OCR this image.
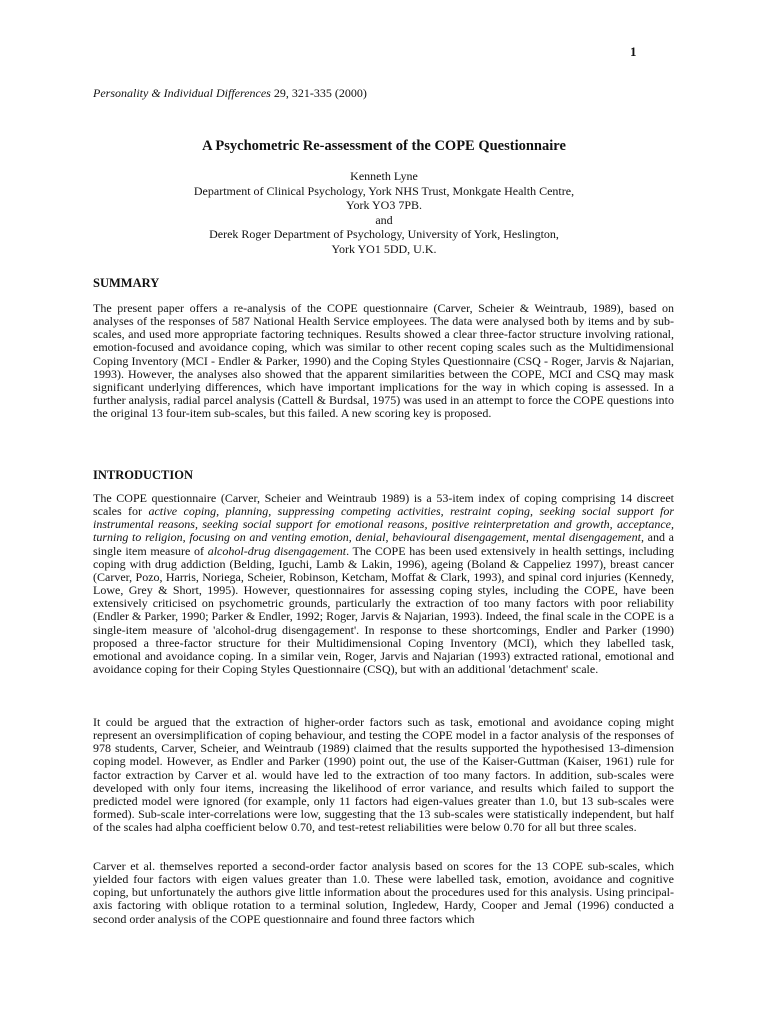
1
Personality & Individual Differences 29, 321-335 (2000)
A Psychometric Re-assessment of the COPE Questionnaire
Kenneth Lyne
Department of Clinical Psychology, York NHS Trust, Monkgate Health Centre,
York YO3 7PB.
and
Derek Roger Department of Psychology, University of York, Heslington,
York YO1 5DD, U.K.
SUMMARY

The present paper offers a re-analysis of the COPE questionnaire (Carver, Scheier & Weintraub, 1989), based on analyses of the responses of 587 National Health Service employees. The data were analysed both by items and by sub-scales, and used more appropriate factoring techniques. Results showed a clear three-factor structure involving rational, emotion-focused and avoidance coping, which was similar to other recent coping scales such as the Multidimensional Coping Inventory (MCI - Endler & Parker, 1990) and the Coping Styles Questionnaire (CSQ - Roger, Jarvis & Najarian, 1993). However, the analyses also showed that the apparent similarities between the COPE, MCI and CSQ may mask significant underlying differences, which have important implications for the way in which coping is assessed. In a further analysis, radial parcel analysis (Cattell & Burdsal, 1975) was used in an attempt to force the COPE questions into the original 13 four-item sub-scales, but this failed. A new scoring key is proposed.

INTRODUCTION

The COPE questionnaire (Carver, Scheier and Weintraub 1989) is a 53-item index of coping comprising 14 discreet scales for active coping, planning, suppressing competing activities, restraint coping, seeking social support for instrumental reasons, seeking social support for emotional reasons, positive reinterpretation and growth, acceptance, turning to religion, focusing on and venting emotion, denial, behavioural disengagement, mental disengagement, and a single item measure of alcohol-drug disengagement. The COPE has been used extensively in health settings, including coping with drug addiction (Belding, Iguchi, Lamb & Lakin, 1996), ageing (Boland & Cappeliez 1997), breast cancer (Carver, Pozo, Harris, Noriega, Scheier, Robinson, Ketcham, Moffat & Clark, 1993), and spinal cord injuries (Kennedy, Lowe, Grey & Short, 1995). However, questionnaires for assessing coping styles, including the COPE, have been extensively criticised on psychometric grounds, particularly the extraction of too many factors with poor reliability (Endler & Parker, 1990; Parker & Endler, 1992; Roger, Jarvis & Najarian, 1993). Indeed, the final scale in the COPE is a single-item measure of 'alcohol-drug disengagement'. In response to these shortcomings, Endler and Parker (1990) proposed a three-factor structure for their Multidimensional Coping Inventory (MCI), which they labelled task, emotional and avoidance coping. In a similar vein, Roger, Jarvis and Najarian (1993) extracted rational, emotional and avoidance coping for their Coping Styles Questionnaire (CSQ), but with an additional 'detachment' scale.

It could be argued that the extraction of higher-order factors such as task, emotional and avoidance coping might represent an oversimplification of coping behaviour, and testing the COPE model in a factor analysis of the responses of 978 students, Carver, Scheier, and Weintraub (1989) claimed that the results supported the hypothesised 13-dimension coping model. However, as Endler and Parker (1990) point out, the use of the Kaiser-Guttman (Kaiser, 1961) rule for factor extraction by Carver et al. would have led to the extraction of too many factors. In addition, sub-scales were developed with only four items, increasing the likelihood of error variance, and results which failed to support the predicted model were ignored (for example, only 11 factors had eigen-values greater than 1.0, but 13 sub-scales were formed). Sub-scale inter-correlations were low, suggesting that the 13 sub-scales were statistically independent, but half of the scales had alpha coefficient below 0.70, and test-retest reliabilities were below 0.70 for all but three scales.

Carver et al. themselves reported a second-order factor analysis based on scores for the 13 COPE sub-scales, which yielded four factors with eigen values greater than 1.0. These were labelled task, emotion, avoidance and cognitive coping, but unfortunately the authors give little information about the procedures used for this analysis. Using principal-axis factoring with oblique rotation to a terminal solution, Ingledew, Hardy, Cooper and Jemal (1996) conducted a second order analysis of the COPE questionnaire and found three factors which
